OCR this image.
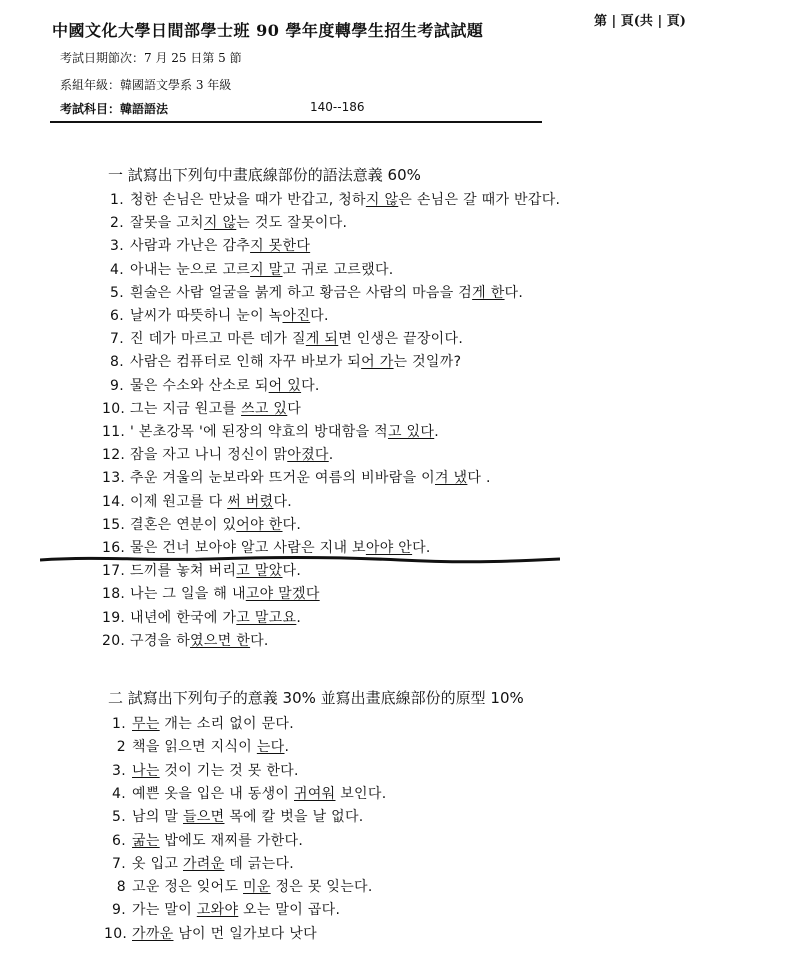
中國文化大學日間部學士班 90 學年度轉學生招生考試試題	第 | 頁(共 | 頁)
考試日期節次：7 月 25 日第 5 節
系組年級：韓國語文學系 3 年級
考試科目：韓語語法	140--186
一 試寫出下列句中畫底線部份的語法意義 60%
1. 청한 손님은 만났을 때가 반갑고, 청하지 않은 손님은 갈 때가 반갑다.
2. 잘못을 고치지 않는 것도 잘못이다.
3. 사람과 가난은 감추지 못한다
4. 아내는 눈으로 고르지 말고 귀로 고르랬다.
5. 흰술은 사람 얼굴을 붉게 하고 황금은 사람의 마음을 검게 한다.
6. 날씨가 따뜻하니 눈이 녹아진다.
7. 진 데가 마르고 마른 데가 질게 되면 인생은 끝장이다.
8. 사람은 컴퓨터로 인해 자꾸 바보가 되어 가는 것일까?
9. 물은 수소와 산소로 되어 있다.
10. 그는 지금 원고를 쓰고 있다
11. ' 본초강목 '에 된장의 약효의 방대함을 적고 있다.
12. 잠을 자고 나니 정신이 맑아졌다.
13. 추운 겨울의 눈보라와 뜨거운 여름의 비바람을 이겨 냈다 .
14. 이제 원고를 다 써 버렸다.
15. 결혼은 연분이 있어야 한다.
16. 물은 건너 보아야 알고 사람은 지내 보아야 안다.
17. 드끼를 놓쳐 버리고 말았다.
18. 나는 그 일을 해 내고야 말겠다
19. 내년에 한국에 가고 말고요.
20. 구경을 하였으면 한다.
二 試寫出下列句子的意義 30% 並寫出畫底線部份的原型 10%
1. 무는 개는 소리 없이 문다.
2 책을 읽으면 지식이 는다.
3. 나는 것이 기는 것 못 한다.
4. 예쁜 옷을 입은 내 동생이 귀여워 보인다.
5. 남의 말 들으면 목에 칼 벗을 날 없다.
6. 굶는 밥에도 재찌를 가한다.
7. 옷 입고 가려운 데 긁는다.
8 고운 정은 잊어도 미운 정은 못 잊는다.
9. 가는 말이 고와야 오는 말이 곱다.
10. 가까운 남이 먼 일가보다 낫다
